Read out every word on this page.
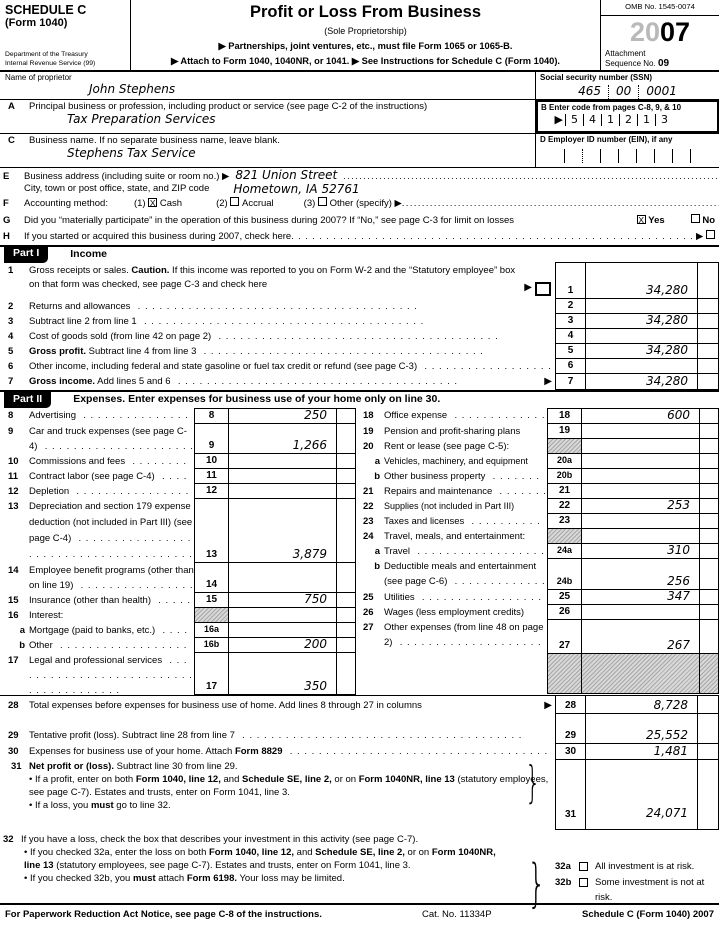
SCHEDULE C
(Form 1040)
Department of the Treasury
Internal Revenue Service (99)
Profit or Loss From Business
(Sole Proprietorship)
▶ Partnerships, joint ventures, etc., must file Form 1065 or 1065-B.
▶ Attach to Form 1040, 1040NR, or 1041. ▶ See Instructions for Schedule C (Form 1040).
OMB No. 1545-0074
2007
Attachment
Sequence No. 09
Name of proprietor
John Stephens
Social security number (SSN)
465	00	0001
A	Principal business or profession, including product or service (see page C-2 of the instructions)
Tax Preparation Services
B Enter code from pages C-8, 9, & 10
▶ 5	4	1	2	1	3
C	Business name. If no separate business name, leave blank.
Stephens Tax Service
D Employer ID number (EIN), if any
E	Business address (including suite or room no.) ▶ 821 Union Street
.....
City, town or post office, state, and ZIP code	Hometown, IA 52761
F	Accounting method:	(1)
X
Cash	(2)

Accrual	(3)

Other (specify) ▶
.....
G	Did you “materially participate” in the operation of this business during 2007? If “No,” see page C-3 for limit on losses	X
Yes
	No
H	If you started or acquired this business during 2007, check here . . .	▶

Part I	Income
1	Gross receipts or sales. Caution. If this income was reported to you on Form W-2 and the “Statutory employee” box on that form was checked, see page C-3 and check here	▶	1	34,280
2	Returns and allowances . . .	2
3	Subtract line 2 from line 1 . . .	3	34,280
4	Cost of goods sold (from line 42 on page 2) . . .	4
5	Gross profit. Subtract line 4 from line 3 . . .	5	34,280
6	Other income, including federal and state gasoline or fuel tax credit or refund (see page C-3) . . .	6
7	Gross income. Add lines 5 and 6 . . .	▶	7	34,280
Part II	Expenses. Enter expenses for business use of your home only on line 30.
8	Advertising . . .	8	250
9	Car and truck expenses (see page C-4) . . .	9	1,266
10	Commissions and fees . . .	10
11	Contract labor (see page C-4) . . .	11
12	Depletion . . .	12
13	Depreciation and section 179 expense deduction (not included in Part III) (see page C-4) . . .
13	3,879
14	Employee benefit programs (other than on line 19) . . .	14
15	Insurance (other than health) . . .	15	750
16	Interest:
a Mortgage (paid to banks, etc.) . . .	16a
b Other . . .	16b	200
17	Legal and professional services . . .
17	350
18	Office expense . . .	18	600
19	Pension and profit-sharing plans	19
20	Rent or lease (see page C-5):
a Vehicles, machinery, and equipment	20a
b Other business property . . .	20b
21	Repairs and maintenance . . .	21
22	Supplies (not included in Part III)	22	253
23	Taxes and licenses . . .	23
24	Travel, meals, and entertainment:
a Travel . . .	24a	310
b Deductible meals and entertainment (see page C-6) . . .	24b	256
25	Utilities . . .	25	347
26	Wages (less employment credits)	26
27	Other expenses (from line 48 on page 2) . . .	27	267
28	Total expenses before expenses for business use of home. Add lines 8 through 27 in columns	▶	28	8,728
29	Tentative profit (loss). Subtract line 28 from line 7 . . .	29	25,552
30	Expenses for business use of your home. Attach Form 8829 . . .	30	1,481
31 Net profit or (loss). Subtract line 30 from line 29.
• If a profit, enter on both Form 1040, line 12, and Schedule SE, line 2, or on Form 1040NR, line 13 (statutory employees, see page C-7). Estates and trusts, enter on Form 1041, line 3.
• If a loss, you must go to line 32.	}
31	24,071
32 If you have a loss, check the box that describes your investment in this activity (see page C-7).
• If you checked 32a, enter the loss on both Form 1040, line 12, and Schedule SE, line 2, or on Form 1040NR, line 13 (statutory employees, see page C-7). Estates and trusts, enter on Form 1041, line 3.
• If you checked 32b, you must attach Form 6198. Your loss may be limited.	} 32a	All investment is at risk.
32b	Some investment is not at risk.
For Paperwork Reduction Act Notice, see page C-8 of the instructions.	Cat. No. 11334P	Schedule C (Form 1040) 2007
